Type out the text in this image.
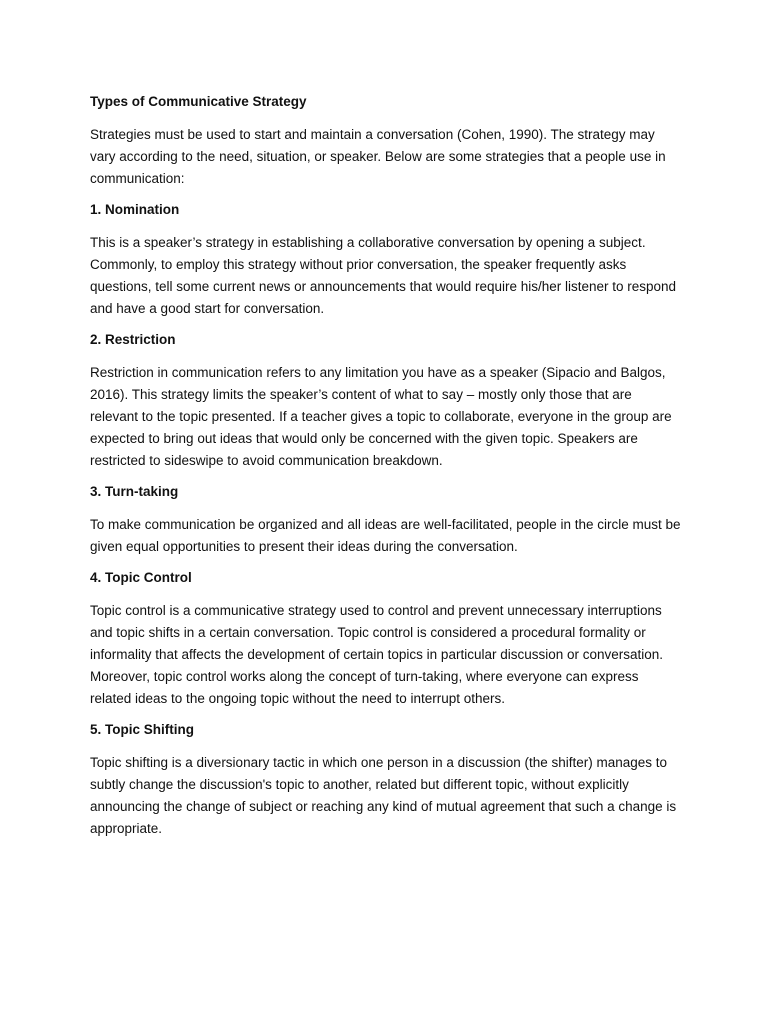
Types of Communicative Strategy

Strategies must be used to start and maintain a conversation (Cohen, 1990). The strategy may vary according to the need, situation, or speaker. Below are some strategies that a people use in communication:

1. Nomination

This is a speaker’s strategy in establishing a collaborative conversation by opening a subject. Commonly, to employ this strategy without prior conversation, the speaker frequently asks questions, tell some current news or announcements that would require his/her listener to respond and have a good start for conversation.

2. Restriction

Restriction in communication refers to any limitation you have as a speaker (Sipacio and Balgos, 2016). This strategy limits the speaker’s content of what to say – mostly only those that are relevant to the topic presented. If a teacher gives a topic to collaborate, everyone in the group are expected to bring out ideas that would only be concerned with the given topic. Speakers are restricted to sideswipe to avoid communication breakdown.

3. Turn-taking

To make communication be organized and all ideas are well-facilitated, people in the circle must be given equal opportunities to present their ideas during the conversation.

4. Topic Control

Topic control is a communicative strategy used to control and prevent unnecessary interruptions and topic shifts in a certain conversation. Topic control is considered a procedural formality or informality that affects the development of certain topics in particular discussion or conversation. Moreover, topic control works along the concept of turn-taking, where everyone can express related ideas to the ongoing topic without the need to interrupt others.

5. Topic Shifting

Topic shifting is a diversionary tactic in which one person in a discussion (the shifter) manages to subtly change the discussion's topic to another, related but different topic, without explicitly announcing the change of subject or reaching any kind of mutual agreement that such a change is appropriate.
